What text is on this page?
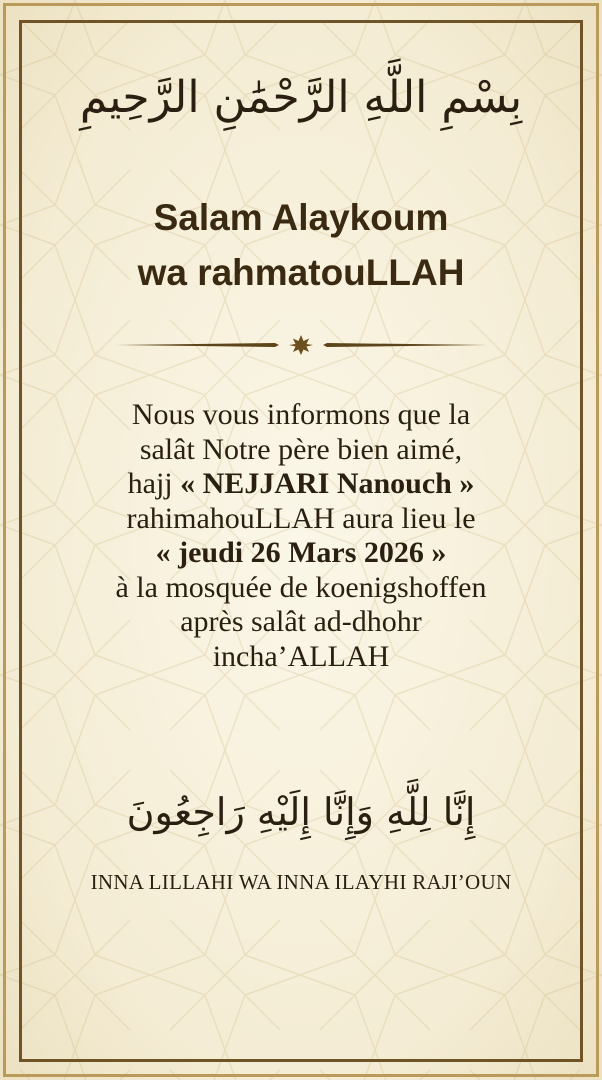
بِسْمِ اللَّهِ الرَّحْمَٰنِ الرَّحِيمِ
Salam Alaykoum
wa rahmatouLLAH
Nous vous informons que la
salât Notre père bien aimé,
hajj « NEJJARI Nanouch »
rahimahouLLAH aura lieu le
« jeudi 26 Mars 2026 »
à la mosquée de koenigshoffen
après salât ad-dhohr
incha’ALLAH
إِنَّا لِلَّهِ وَإِنَّا إِلَيْهِ رَاجِعُونَ
INNA LILLAHI WA INNA ILAYHI RAJI’OUN
